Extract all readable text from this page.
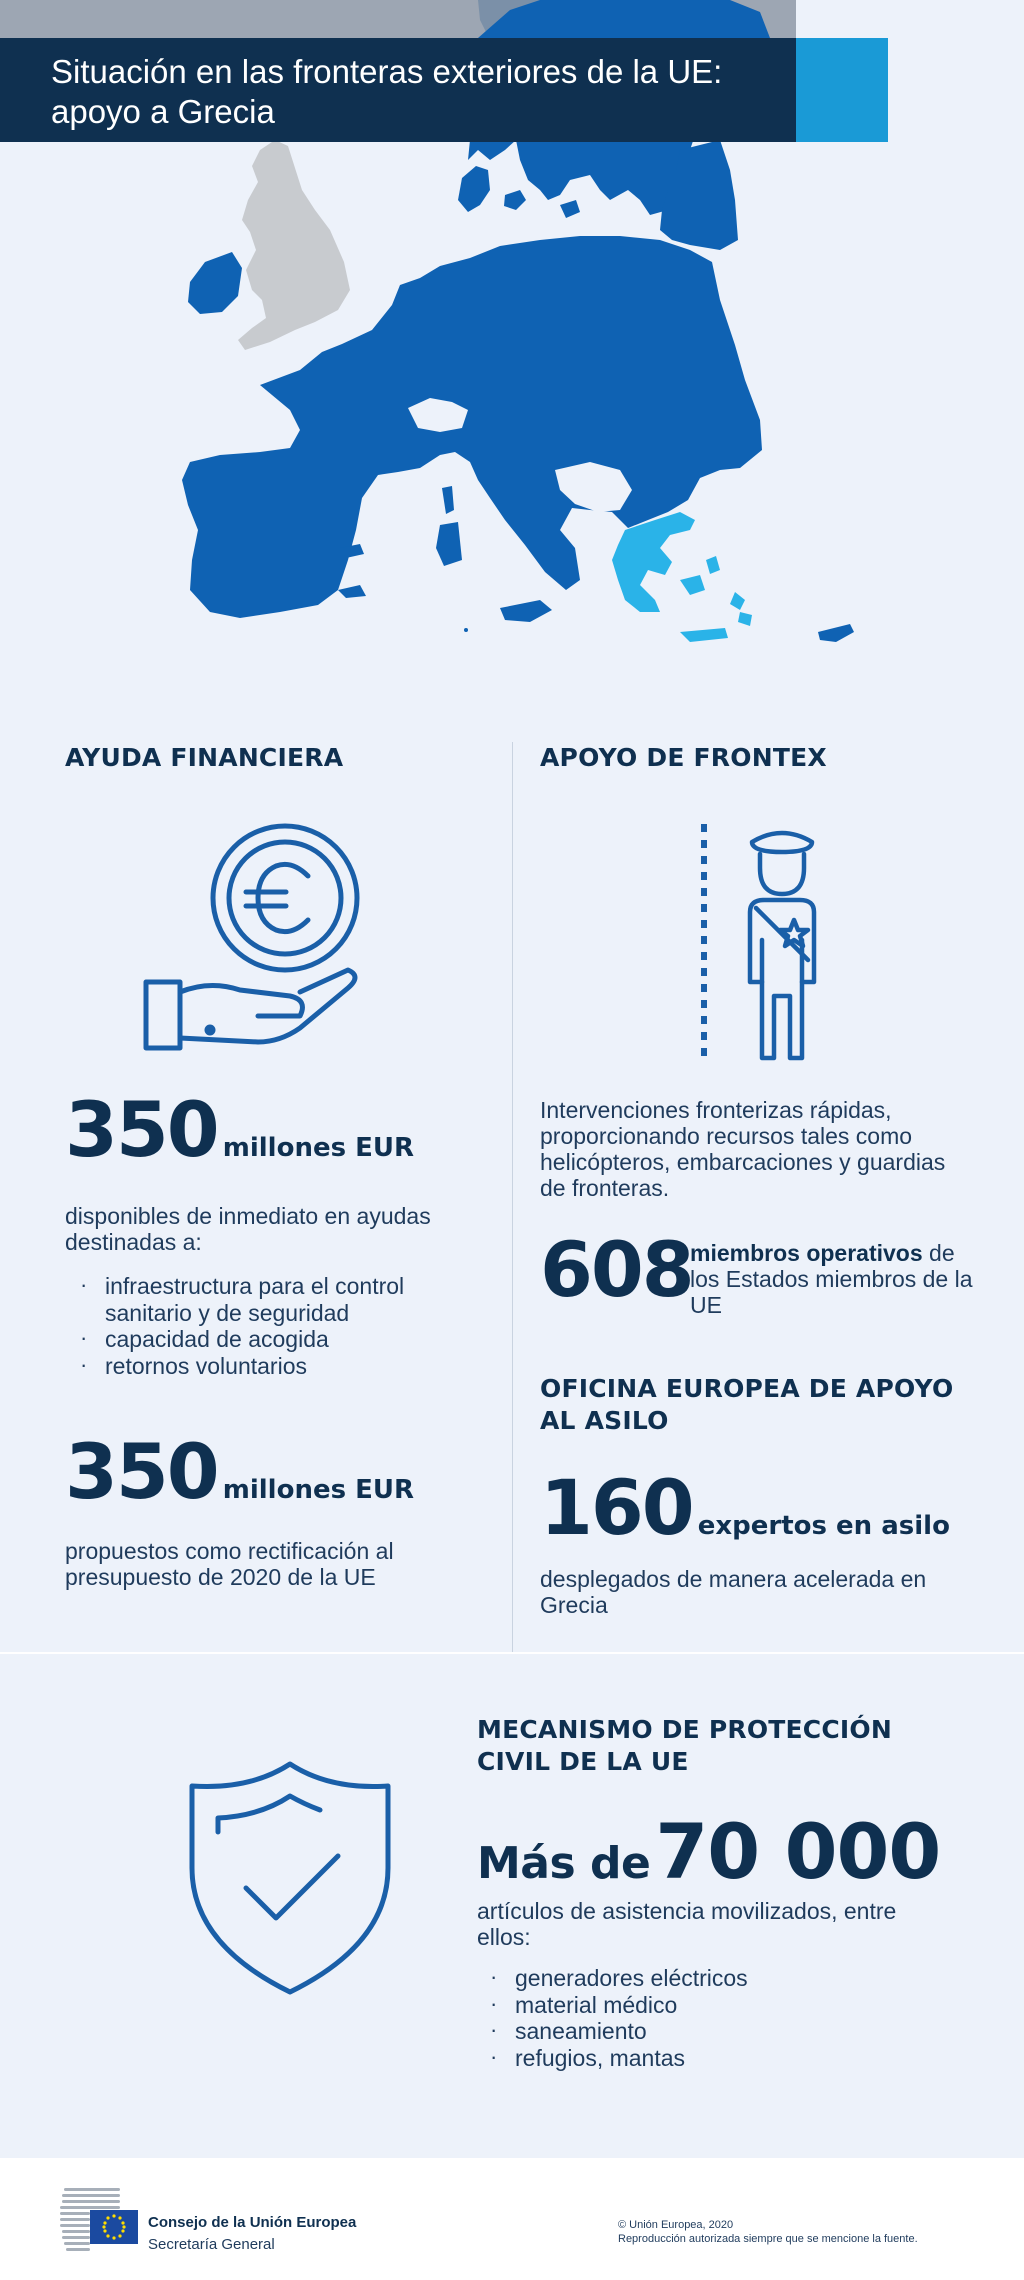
Situación en las fronteras exteriores de la UE: apoyo a Grecia
AYUDA FINANCIERA
350 millones EUR

disponibles de inmediato en ayudas destinadas a:

· infraestructura para el control sanitario y de seguridad
· capacidad de acogida
· retornos voluntarios
350 millones EUR

propuestos como rectificación al presupuesto de 2020 de la UE

APOYO DE FRONTEX

Intervenciones fronterizas rápidas, proporcionando recursos tales como helicópteros, embarcaciones y guardias de fronteras.

608

miembros operativos de los Estados miembros de la UE

OFICINA EUROPEA DE APOYO AL ASILO
160 expertos en asilo

desplegados de manera acelerada en Grecia

MECANISMO DE PROTECCIÓN CIVIL DE LA UE
Más de 70 000

artículos de asistencia movilizados, entre ellos:

· generadores eléctricos
· material médico
· saneamiento
· refugios, mantas
Consejo de la Unión Europea
Secretaría General
© Unión Europea, 2020
Reproducción autorizada siempre que se mencione la fuente.
